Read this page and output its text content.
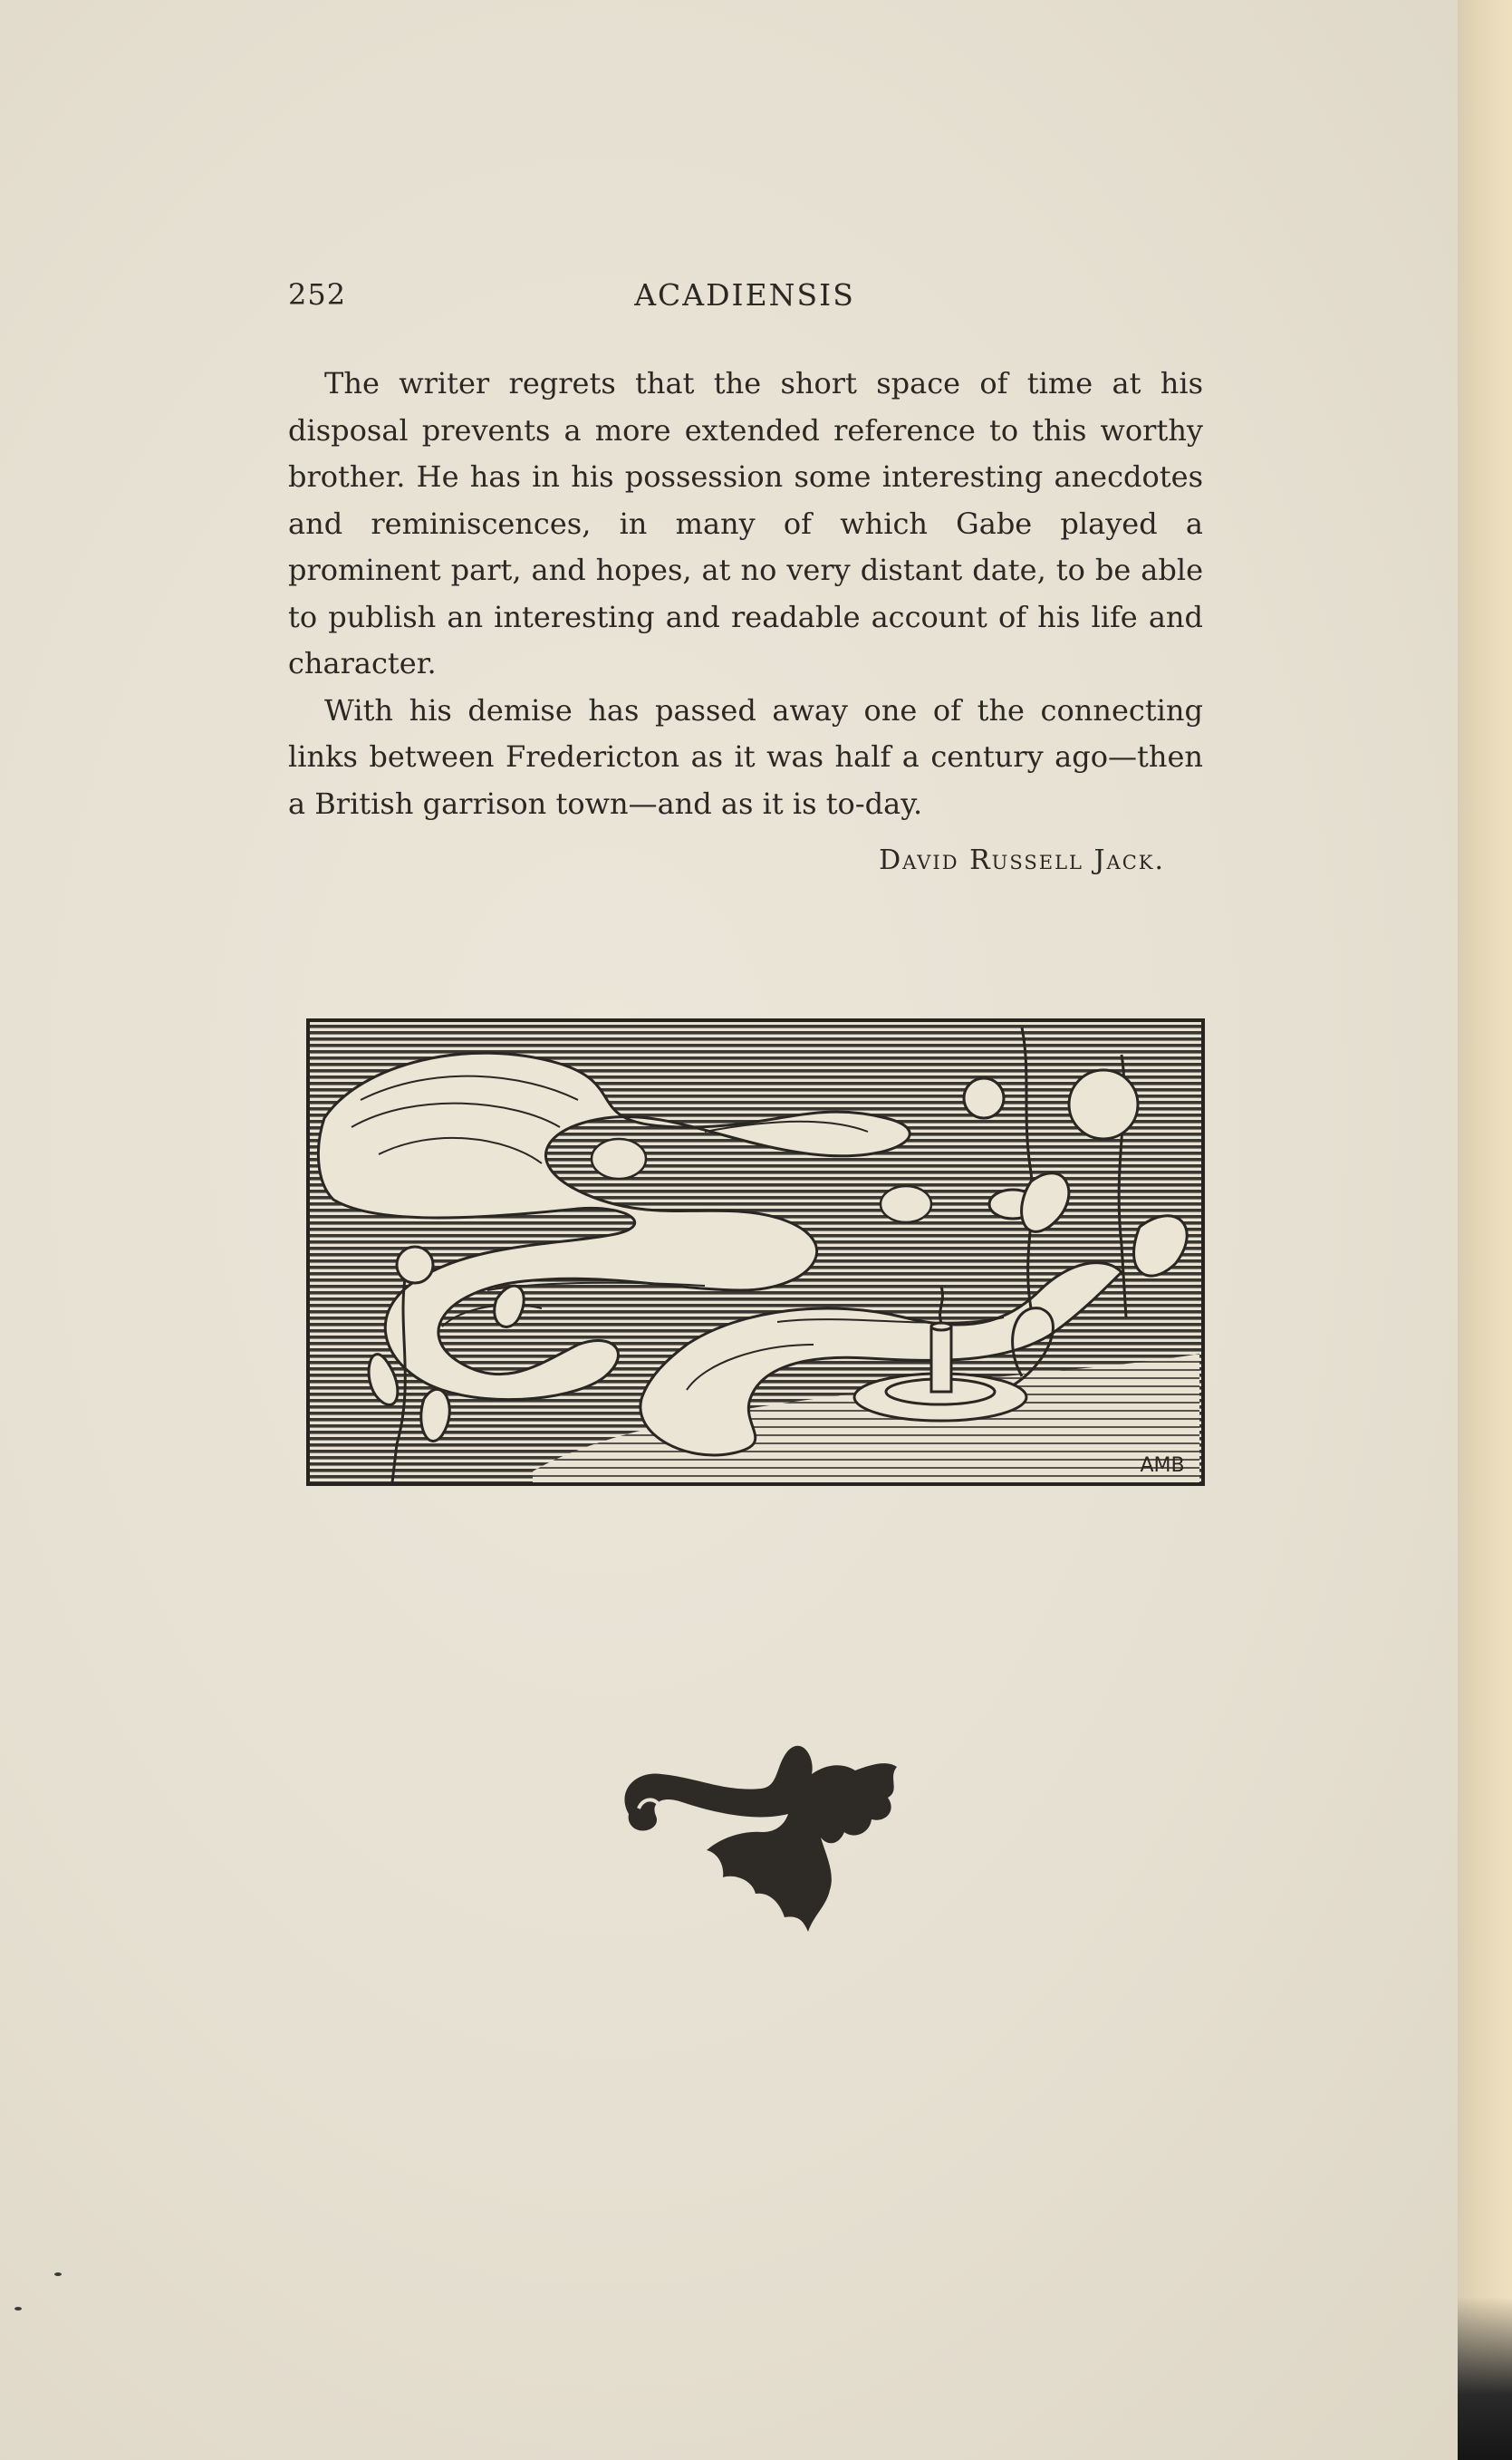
252	ACADIENSIS

The writer regrets that the short space of time at his disposal prevents a more extended reference to this worthy brother. He has in his possession some interesting anecdotes and reminiscences, in many of which Gabe played a prominent part, and hopes, at no very distant date, to be able to publish an interesting and readable account of his life and character.

With his demise has passed away one of the connecting links between Fredericton as it was half a century ago—then a British garrison town—and as it is to-day.

David Russell Jack.
AMB
